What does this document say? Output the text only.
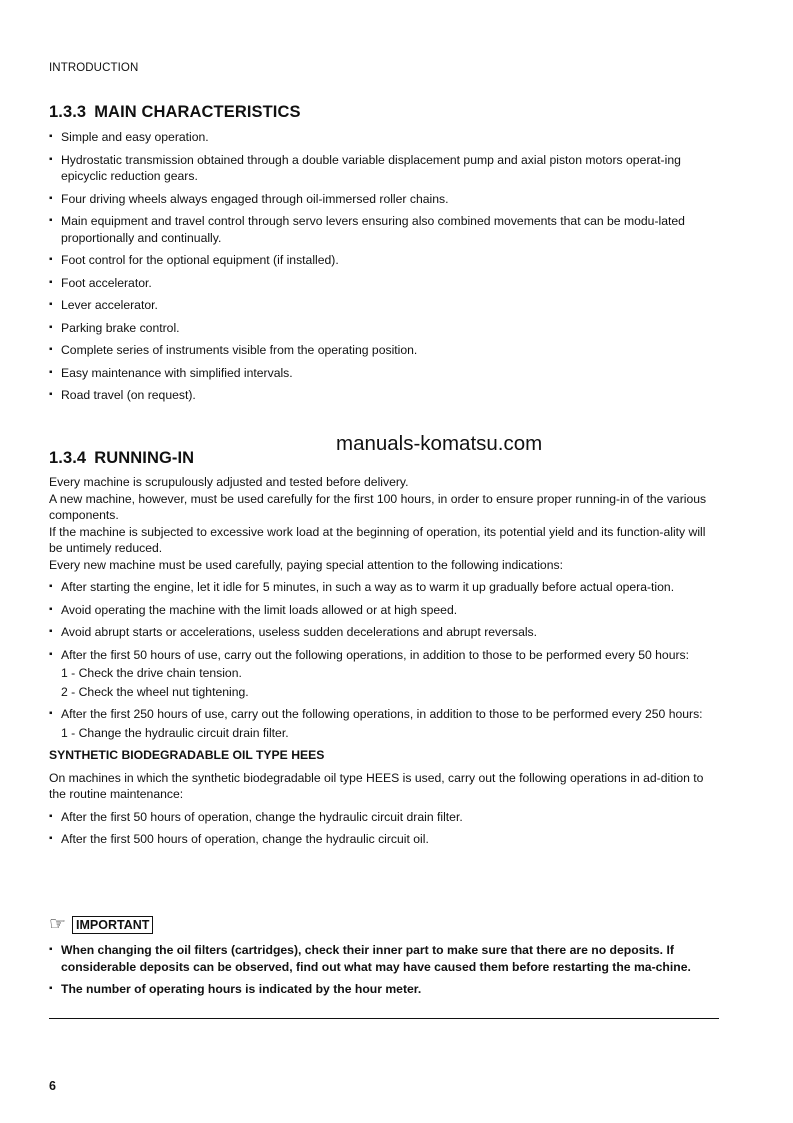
INTRODUCTION
1.3.3 MAIN CHARACTERISTICS
▪ Simple and easy operation.
▪ Hydrostatic transmission obtained through a double variable displacement pump and axial piston motors operat-ing epicyclic reduction gears.
▪ Four driving wheels always engaged through oil-immersed roller chains.
▪ Main equipment and travel control through servo levers ensuring also combined movements that can be modu-lated proportionally and continually.
▪ Foot control for the optional equipment (if installed).
▪ Foot accelerator.
▪ Lever accelerator.
▪ Parking brake control.
▪ Complete series of instruments visible from the operating position.
▪ Easy maintenance with simplified intervals.
▪ Road travel (on request).
manuals-komatsu.com
1.3.4 RUNNING-IN
Every machine is scrupulously adjusted and tested before delivery.
A new machine, however, must be used carefully for the first 100 hours, in order to ensure proper running-in of the various components.
If the machine is subjected to excessive work load at the beginning of operation, its potential yield and its function-ality will be untimely reduced.
Every new machine must be used carefully, paying special attention to the following indications:
▪ After starting the engine, let it idle for 5 minutes, in such a way as to warm it up gradually before actual opera-tion.
▪ Avoid operating the machine with the limit loads allowed or at high speed.
▪ Avoid abrupt starts or accelerations, useless sudden decelerations and abrupt reversals.
▪ After the first 50 hours of use, carry out the following operations, in addition to those to be performed every 50 hours:
1 - Check the drive chain tension.
2 - Check the wheel nut tightening.
▪ After the first 250 hours of use, carry out the following operations, in addition to those to be performed every 250 hours:
1 - Change the hydraulic circuit drain filter.
SYNTHETIC BIODEGRADABLE OIL TYPE HEES
On machines in which the synthetic biodegradable oil type HEES is used, carry out the following operations in ad-dition to the routine maintenance:
▪ After the first 50 hours of operation, change the hydraulic circuit drain filter.
▪ After the first 500 hours of operation, change the hydraulic circuit oil.
☞ IMPORTANT
▪ When changing the oil filters (cartridges), check their inner part to make sure that there are no deposits. If considerable deposits can be observed, find out what may have caused them before restarting the ma-chine.
▪ The number of operating hours is indicated by the hour meter.
6
